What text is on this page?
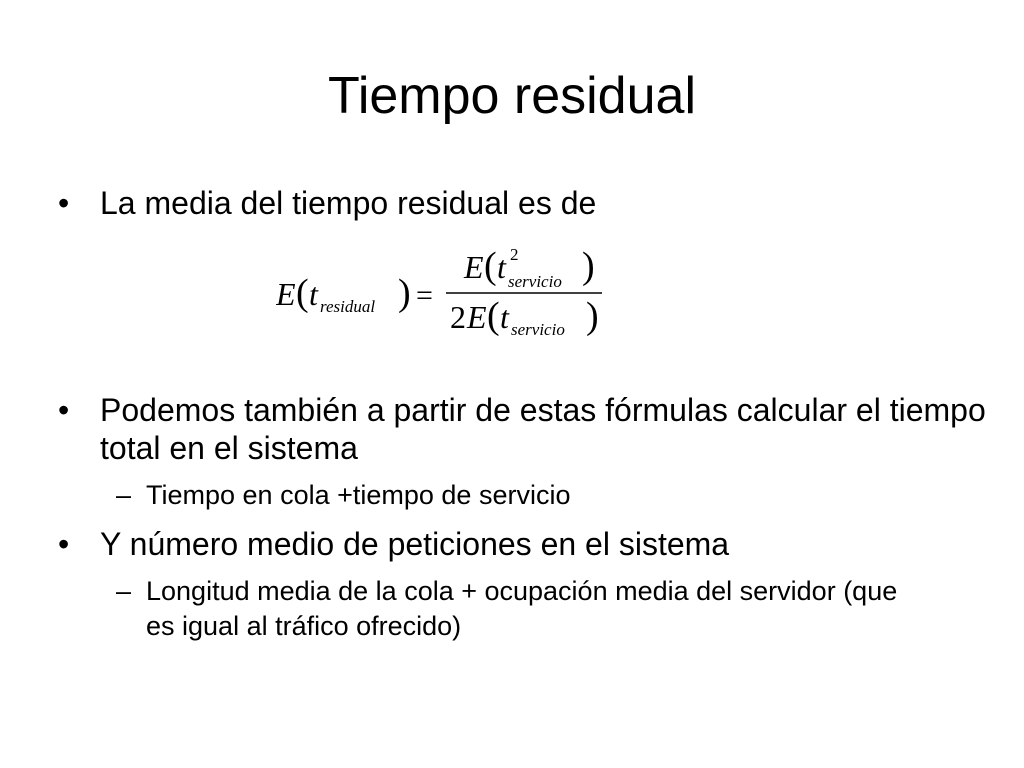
Tiempo residual
• La media del tiempo residual es de
E ( t residual ) =
E ( t 2
servicio )
2 E ( t servicio )
• Podemos también a partir de estas fórmulas calcular el tiempo total en el sistema
– Tiempo en cola +tiempo de servicio
• Y número medio de peticiones en el sistema
– Longitud media de la cola + ocupación media del servidor (que es igual al tráfico ofrecido)
